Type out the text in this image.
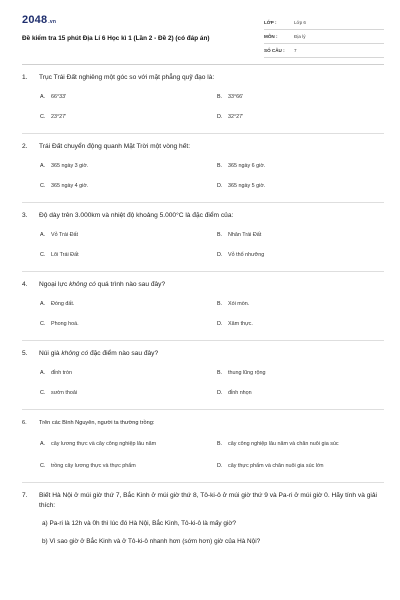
2048.vn
Đề kiểm tra 15 phút Địa Lí 6 Học kì 1 (Lần 2 - Đề 2) (có đáp án)
LỚP :	Lớp 6
MÔN :	Địa lý
SỐ CÂU :	7
1.	Trục Trái Đất nghiêng một góc so với mặt phẳng quỹ đạo là:
A.	66°33'	B.	33°66'
C.	23°27'	D.	32°27'
2.	Trái Đất chuyển động quanh Mặt Trời một vòng hết:
A.	365 ngày 3 giờ.	B.	365 ngày 6 giờ.
C.	365 ngày 4 giờ.	D.	365 ngày 5 giờ.
3.	Độ dày trên 3.000km và nhiệt độ khoảng 5.000°C là đặc điểm của:
A.	Vỏ Trái Đất	B.	Nhân Trái Đất
C.	Lõi Trái Đất	D.	Vỏ thổ nhưỡng
4.	Ngoại lực không có quá trình nào sau đây?
A.	Đóng đất.	B.	Xói mòn.
C.	Phong hoá.	D.	Xâm thực.
5.	Núi già không có đặc điểm nào sau đây?
A.	đỉnh tròn	B.	thung lũng rộng
C.	sườn thoải	D.	đỉnh nhọn
6.	Trên các Bình Nguyên, người ta thường trồng:
A.	cây lương thực và cây công nghiệp lâu năm	B.	cây công nghiệp lâu năm và chăn nuôi gia súc
C.	trồng cây lương thực và thực phẩm	D.	cây thực phẩm và chăn nuôi gia súc lớn
7.	Biết Hà Nội ở múi giờ thứ 7, Bắc Kinh ở múi giờ thứ 8, Tô-ki-ô ở múi giờ thứ 9 và Pa-ri ở múi giờ 0. Hãy tính và giải thích:
a) Pa-ri là 12h và 0h thì lúc đó Hà Nội, Bắc Kinh, Tô-ki-ô là mấy giờ?
b) Vì sao giờ ở Bắc Kinh và ở Tô-ki-ô nhanh hơn (sớm hơn) giờ của Hà Nội?
